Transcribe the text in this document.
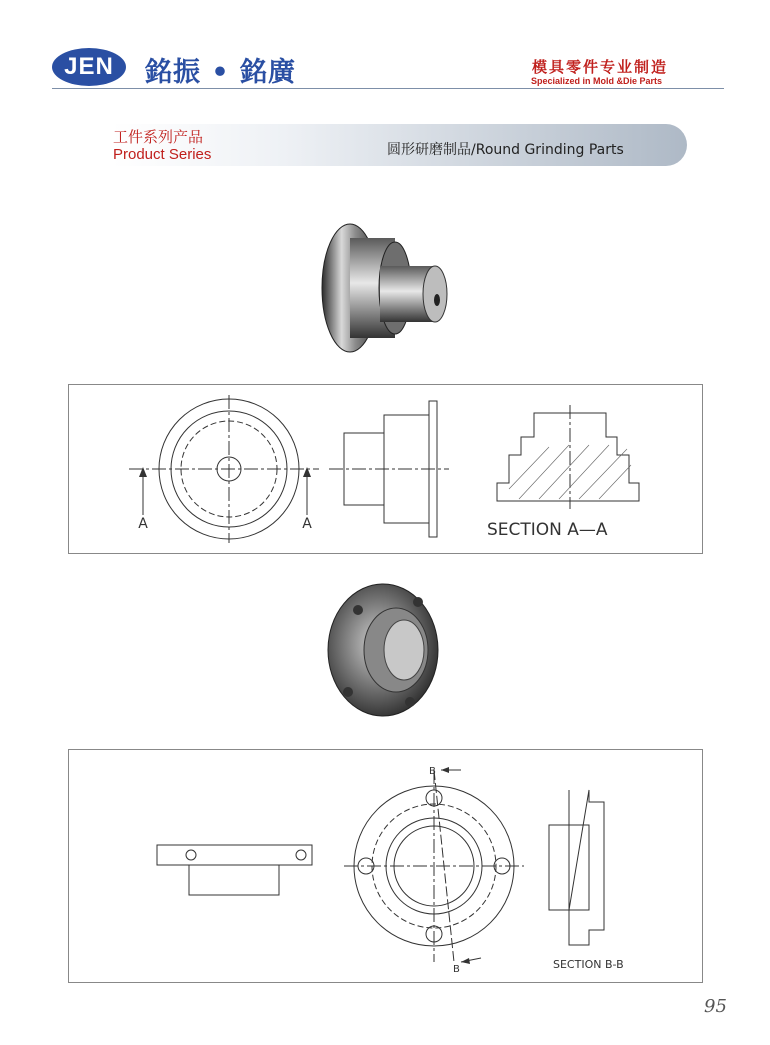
JEN 銘振 • 銘廣	模具零件专业制造
Specialized in Mold &Die Parts
工件系列产品
Product Series	圆形研磨制品/Round Grinding Parts
A	A	SECTION A—A
B
B	SECTION B-B
95
